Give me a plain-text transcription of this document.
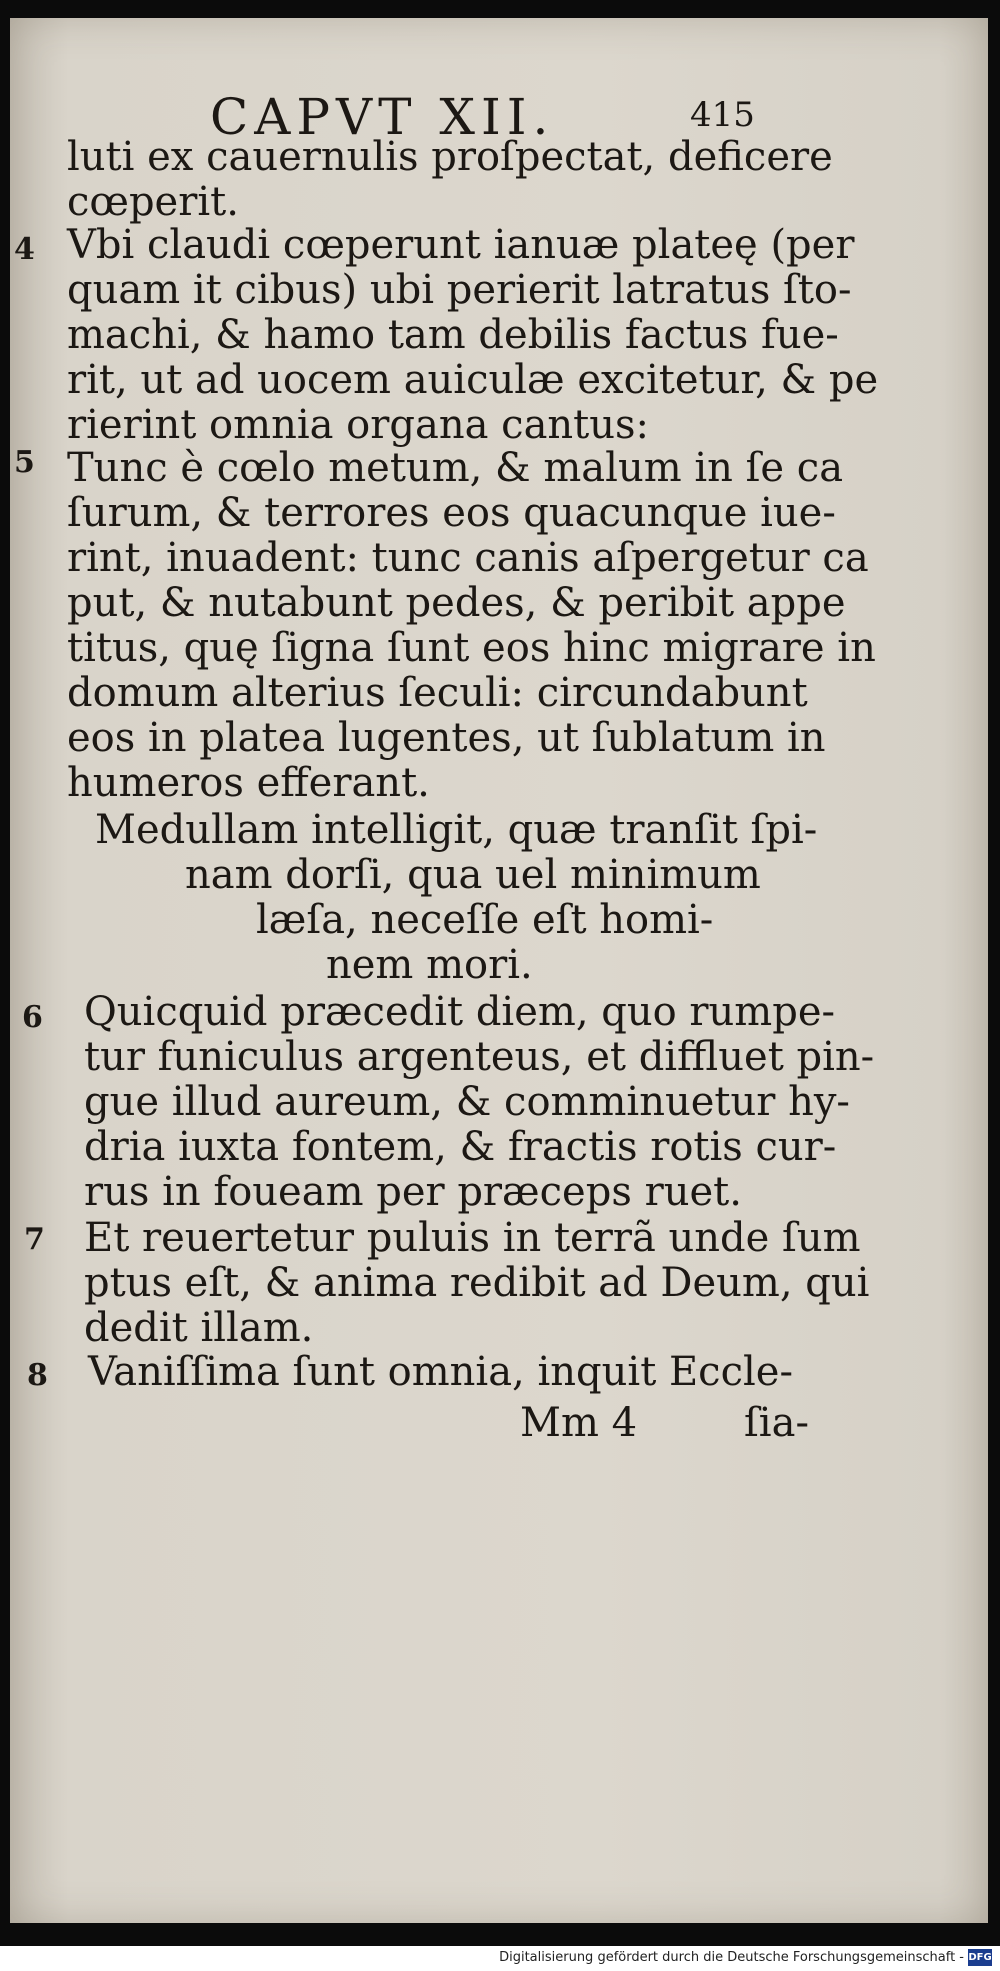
CAPVT XII.	415
luti ex cauernulis proſpectat, deficere
cœperit.
4 Vbi claudi cœperunt ianuæ plateę (per
quam it cibus) ubi perierit latratus ſto-
machi, & hamo tam debilis factus fue-
rit, ut ad uocem auiculæ excitetur, & pe
rierint omnia organa cantus:
5 Tunc è cœlo metum, & malum in ſe ca
ſurum, & terrores eos quacunque iue-
rint, inuadent: tunc canis aſpergetur ca
put, & nutabunt pedes, & peribit appe
titus, quę ſigna ſunt eos hinc migrare in
domum alterius ſeculi: circundabunt
eos in platea lugentes, ut ſublatum in
humeros efferant.
Medullam intelligit, quæ tranſit ſpi-
nam dorſi, qua uel minimum
læſa, neceſſe eſt homi-
nem mori.
6 Quicquid præcedit diem, quo rumpe-
tur funiculus argenteus, et diffluet pin-
gue illud aureum, & comminuetur hy-
dria iuxta fontem, & fractis rotis cur-
rus in foueam per præceps ruet.
7 Et reuertetur puluis in terrã unde ſum
ptus eſt, & anima redibit ad Deum, qui
dedit illam.
8 Vaniſſima ſunt omnia, inquit Eccle-
Mm 4	ſia-
Digitalisierung gefördert durch die Deutsche Forschungsgemeinschaft - DFG
